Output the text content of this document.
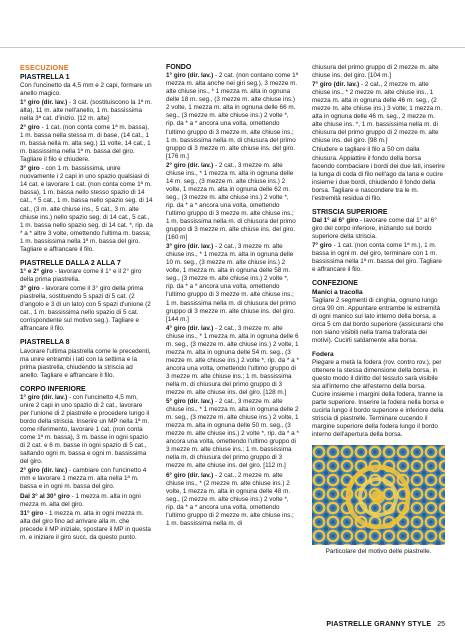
ESECUZIONE
PIASTRELLA 1

Con l'uncinetto da 4,5 mm e 2 capi, formare un anello magico.

1° giro (dir. lav.) - 3 cat. (sostituiscono la 1ª m. alta), 11 m. alte nell'anello, 1 m. bassissima nella 3ª cat. d'inizio. [12 m. alte]

2° giro - 1 cat. (non conta come 1ª m. bassa), 1 m. bassa nella stessa m. di base, (14 cat., 1 m. bassa nella m. alta seg.) 11 volte, 14 cat., 1 m. bassissima nella 1ª m. bassa del giro. Tagliare il filo e chiudere.

3° giro - con 1 m. bassissima, unire nuovamente i 2 capi in uno spazio qualsiasi di 14 cat. e lavorare 1 cat. (non conta come 1ª m. bassa), 1 m. bassa nello stesso spazio di 14 cat., * 5 cat., 1 m. bassa nello spazio seg. di 14 cat., (3 m. alte chiuse ins., 5 cat., 3 m. alte chiuse ins.) nello spazio seg. di 14 cat., 5 cat., 1 m. bassa nello spazio seg. di 14 cat. *, rip. da * a * altre 3 volte, omettendo l'ultima m. bassa; 1 m. bassissima nella 1ª m. bassa del giro. Tagliare e affrancare il filo.

PIASTRELLE DALLA 2 ALLA 7

1° e 2° giro - lavorare come il 1° e il 2° giro della prima piastrella.

3° giro - lavorare come il 3° giro della prima piastrella, sostituendo 5 spazi di 5 cat. (2 d'angolo e 3 di un lato) con 5 spazi d'unione (2 cat., 1 m. bassissima nello spazio di 5 cat. corrispondente sul motivo seg.). Tagliare e affrancare il filo.

PIASTRELLA 8

Lavorare l'ultima piastrella come le precedenti, ma unire entrambi i lati con la settima e la prima piastrella, chiudendo la striscia ad anello. Tagliare e affrancare il filo.

CORPO INFERIORE

1° giro (dir. lav.) - con l'uncinetto 4,5 mm, unire 2 capi in uno spazio di 2 cat., lavorare per l'unione di 2 piastrelle e procedere lungo il bordo della striscia. Inserire un MP nella 1ª m. come riferimento, lavorare 1 cat. (non conta come 1ª m. bassa), 3 m. basse in ogni spazio di 2 cat. e 6 m. basse in ogni spazio di 5 cat., saltando ogni m. bassa e ogni m. bassissima del giro.

2° giro (dir. lav.) - cambiare con l'uncinetto 4 mm e lavorare 1 mezza m. alta nella 1ª m. bassa e in ogni m. bassa del giro.

Dal 3° al 30° giro - 1 mezza m. alta in ogni mezza m. alta del giro.

31° giro - 1 mezza m. alta in ogni mezza m. alta del giro fino ad arrivare alla m. che precede il MP iniziale, spostare il MP in questa m. e iniziare il giro succ. da questo punto.

FONDO

1° giro (dir. lav.) - 2 cat. (non contano come 1ª mezza m. alta anche nei giri seg.), 3 mezze m. alte chiuse ins., * 1 mezza m. alta in ognuna delle 18 m. seg., (3 mezze m. alte chiuse ins.) 2 volte, 1 mezza m. alta in ognuna delle 66 m. seg., (3 mezze m. alte chiuse ins.) 2 volte *, rip. da * a * ancora una volta, omettendo l'ultimo gruppo di 3 mezze m. alte chiuse ins.; 1 m. bassissima nella m. di chiusura del primo gruppo di 3 mezze m. alte chiuse ins. del giro. [176 m.]

2° giro (dir. lav.) - 2 cat., 3 mezze m. alte chiuse ins., * 1 mezza m. alta in ognuna delle 14 m. seg., (3 mezze m. alte chiuse ins.) 2 volte, 1 mezza m. alta in ognuna delle 62 m. seg., (3 mezze m. alte chiuse ins.) 2 volte *, rip. da * a * ancora una volta, omettendo l'ultimo gruppo di 3 mezze m. alte chiuse ins.; 1 m. bassissima nella m. di chiusura del primo gruppo di 3 mezze m. alte chiuse ins. del giro. [160 m]

3° giro (dir. lav.) - 2 cat., 3 mezze m. alte chiuse ins., * 1 mezza m. alta in ognuna delle 10 m. seg., (3 mezze m. alte chiuse ins.) 2 volte, 1 mezza m. alta in ognuna delle 58 m. seg., (3 mezze m. alte chiuse ins.) 2 volte *, rip. da * a * ancora una volta, omettendo l'ultimo gruppo di 3 mezze m. alte chiuse ins.; 1 m. bassissima nella m. di chiusura del primo gruppo di 3 mezze m. alte chiuse ins. del giro. [144 m.]

4° giro (dir. lav.) - 2 cat., 3 mezze m. alte chiuse ins., * 1 mezza m. alta in ognuna delle 6 m. seg., (3 mezze m. alte chiuse ins.) 2 volte, 1 mezza m. alta in ognuna delle 54 m. seg., (3 mezze m. alte chiuse ins.) 2 volte *, rip. da * a * ancora una volta, omettendo l'ultimo gruppo di 3 mezze m. alte chiuse ins.; 1 m. bassissima nella m. di chiusura del primo gruppo di 3 mezze m. alte chiuse ins. del giro. [128 m.]

5° giro (dir. lav.) - 2 cat., 3 mezze m. alte chiuse ins., * 1 mezza m. alta in ognuna delle 2 m. seg., (3 mezze m. alte chiuse ins.) 2 volte, 1 mezza m. alta in ognuna delle 50 m. seg., (3 mezze m. alte chiuse ins.) 2 volte *, rip. da * a * ancora una volta, omettendo l'ultimo gruppo di 3 mezze m. alte chiuse ins.; 1 m. bassissima nella m. di chiusura del primo gruppo di 3 mezze m. alte chiuse ins. del giro. [112 m.]

6° giro (dir. lav.) - 2 cat., 2 mezze m. alte chiuse ins., * (2 mezze m. alte chiuse ins.) 2 volte, 1 mezza m. alta in ognuna delle 48 m. seg., (2 mezze m. alte chiuse ins.) 2 volte *, rip. da * a * ancora una volta, omettendo l'ultimo gruppo di 2 mezze m. alte chiuse ins.; 1 m. bassissima nella m. di

chiusura del primo gruppo di 2 mezze m. alte chiuse ins. del giro. [104 m.]

7° giro (dir. lav.) - 2 cat., 2 mezze m. alte chiuse ins., * 2 mezze m. alte chiuse ins., 1 mezza m. alta in ognuna delle 46 m. seg., (2 mezze m. alte chiuse ins.) 3 volte; 1 mezza m. alta in ognuna delle 46 m. seg., 2 mezze m. alte chiuse ins. *, 1 m. bassissima nella m. di chiusura del primo gruppo di 2 mezze m. alte chiuse ins. del giro. [98 m.]

Chiudere e tagliare il filo a 50 cm dalla chiusura. Appiattire il fondo della borsa facendo combaciare i bordi dei due lati, inserire la lunga di coda di filo nell'ago da lana e cucire insieme i due bordi, chiudendo il fondo della borsa. Tagliare e nascondere tra le m. l'estremità residua di filo.

STRISCIA SUPERIORE

Dal 1° al 6° giro - lavorare come dal 1° al 6° giro del corpo inferiore, iniziando sul bordo superiore della striscia.

7° giro - 1 cat. (non conta come 1ª m.), 1 m. bassa in ogni m. del giro, terminare con 1 m. bassissima nella 1ª m. bassa del giro. Tagliare e affrancare il filo.

CONFEZIONE
Manici a tracolla

Tagliare 2 segmenti di cinghia, ognuno lungo circa 90 cm. Appuntare entrambe le estremità di ogni manico sul lato interno della borsa, a circa 5 cm dal bordo superiore (assicurarsi che non siano visibili nella trama traforata dei motivi). Cucirli saldamente alla borsa.

Fodera

Piegare a metà la fodera (rov. contro rov.), per ottenere la stessa dimensione della borsa, in questo modo il diritto del tessuto sarà visibile sia all'interno che all'esterno della borsa. Cucire insieme i margini della fodera, tranne la parte superiore. Inserire la fodera nella borsa e cucirla lungo il bordo superiore e inferiore della striscia di piastrelle. Terminare cucendo il margine superiore della fodera lungo il bordo interno dell'apertura della borsa.

Particolare del motivo delle piastrelle.
PIASTRELLE GRANNY STYLE 25
